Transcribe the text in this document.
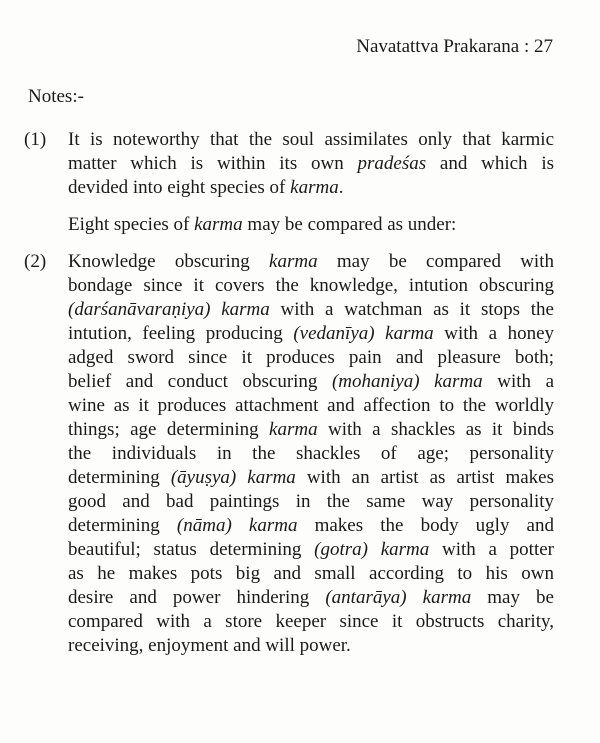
Navatattva Prakarana : 27
Notes:-
(1) It is noteworthy that the soul assimilates only that karmic
matter which is within its own pradeśas and which is
devided into eight species of karma.
Eight species of karma may be compared as under:
(2) Knowledge obscuring karma may be compared with
bondage since it covers the knowledge, intution obscuring
(darśanāvaraṇiya) karma with a watchman as it stops the
intution, feeling producing (vedanīya) karma with a honey
adged sword since it produces pain and pleasure both;
belief and conduct obscuring (mohaniya) karma with a
wine as it produces attachment and affection to the worldly
things; age determining karma with a shackles as it binds
the individuals in the shackles of age; personality
determining (āyuṣya) karma with an artist as artist makes
good and bad paintings in the same way personality
determining (nāma) karma makes the body ugly and
beautiful; status determining (gotra) karma with a potter
as he makes pots big and small according to his own
desire and power hindering (antarāya) karma may be
compared with a store keeper since it obstructs charity,
receiving, enjoyment and will power.
